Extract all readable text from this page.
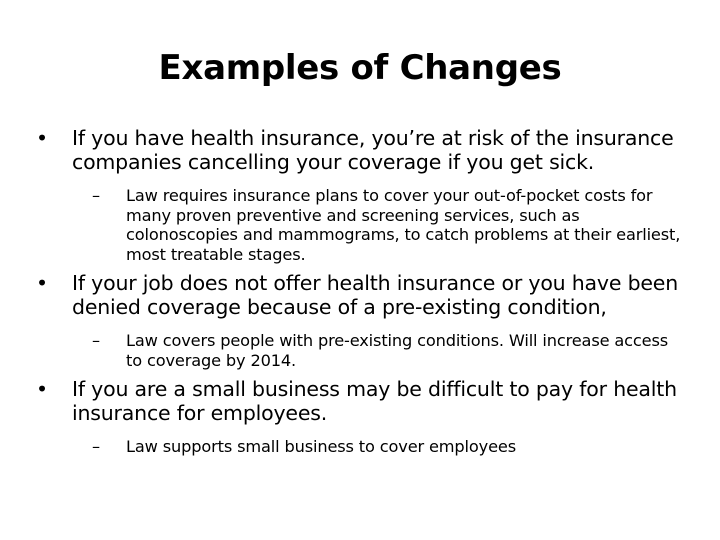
Examples of Changes
•	If you have health insurance, you’re at risk of the insurance companies cancelling your coverage if you get sick.
– Law requires insurance plans to cover your out-of-pocket costs for many proven preventive and screening services, such as colonoscopies and mammograms, to catch problems at their earliest, most treatable stages.
•	If your job does not offer health insurance or you have been denied coverage because of a pre-existing condition,
– Law covers people with pre-existing conditions. Will increase access to coverage by 2014.
•	If you are a small business may be difficult to pay for health insurance for employees.
– Law supports small business to cover employees
